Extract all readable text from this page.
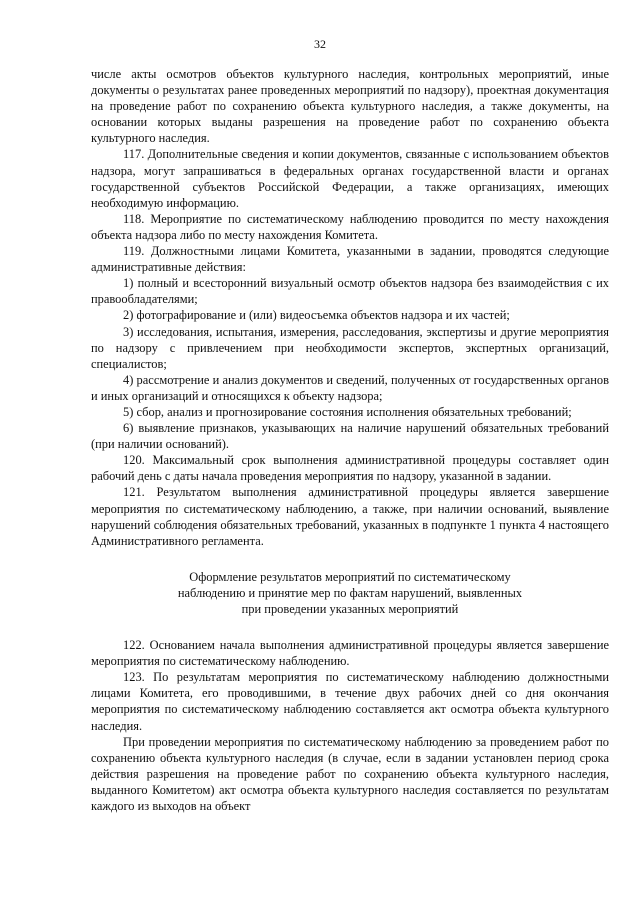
32

числе акты осмотров объектов культурного наследия, контрольных мероприятий, иные документы о результатах ранее проведенных мероприятий по надзору), проектная документация на проведение работ по сохранению объекта культурного наследия, а также документы, на основании которых выданы разрешения на проведение работ по сохранению объекта культурного наследия.

117. Дополнительные сведения и копии документов, связанные с использованием объектов надзора, могут запрашиваться в федеральных органах государственной власти и органах государственной субъектов Российской Федерации, а также организациях, имеющих необходимую информацию.

118. Мероприятие по систематическому наблюдению проводится по месту нахождения объекта надзора либо по месту нахождения Комитета.

119. Должностными лицами Комитета, указанными в задании, проводятся следующие административные действия:

1) полный и всесторонний визуальный осмотр объектов надзора без взаимодействия с их правообладателями;

2) фотографирование и (или) видеосъемка объектов надзора и их частей;

3) исследования, испытания, измерения, расследования, экспертизы и другие мероприятия по надзору с привлечением при необходимости экспертов, экспертных организаций, специалистов;

4) рассмотрение и анализ документов и сведений, полученных от государственных органов и иных организаций и относящихся к объекту надзора;

5) сбор, анализ и прогнозирование состояния исполнения обязательных требований;

6) выявление признаков, указывающих на наличие нарушений обязательных требований (при наличии оснований).

120. Максимальный срок выполнения административной процедуры составляет один рабочий день с даты начала проведения мероприятия по надзору, указанной в задании.

121. Результатом выполнения административной процедуры является завершение мероприятия по систематическому наблюдению, а также, при наличии оснований, выявление нарушений соблюдения обязательных требований, указанных в подпункте 1 пункта 4 настоящего Административного регламента.

Оформление результатов мероприятий по систематическому
наблюдению и принятие мер по фактам нарушений, выявленных
при проведении указанных мероприятий

122. Основанием начала выполнения административной процедуры является завершение мероприятия по систематическому наблюдению.

123. По результатам мероприятия по систематическому наблюдению должностными лицами Комитета, его проводившими, в течение двух рабочих дней со дня окончания мероприятия по систематическому наблюдению составляется акт осмотра объекта культурного наследия.

При проведении мероприятия по систематическому наблюдению за проведением работ по сохранению объекта культурного наследия (в случае, если в задании установлен период срока действия разрешения на проведение работ по сохранению объекта культурного наследия, выданного Комитетом) акт осмотра объекта культурного наследия составляется по результатам каждого из выходов на объект
